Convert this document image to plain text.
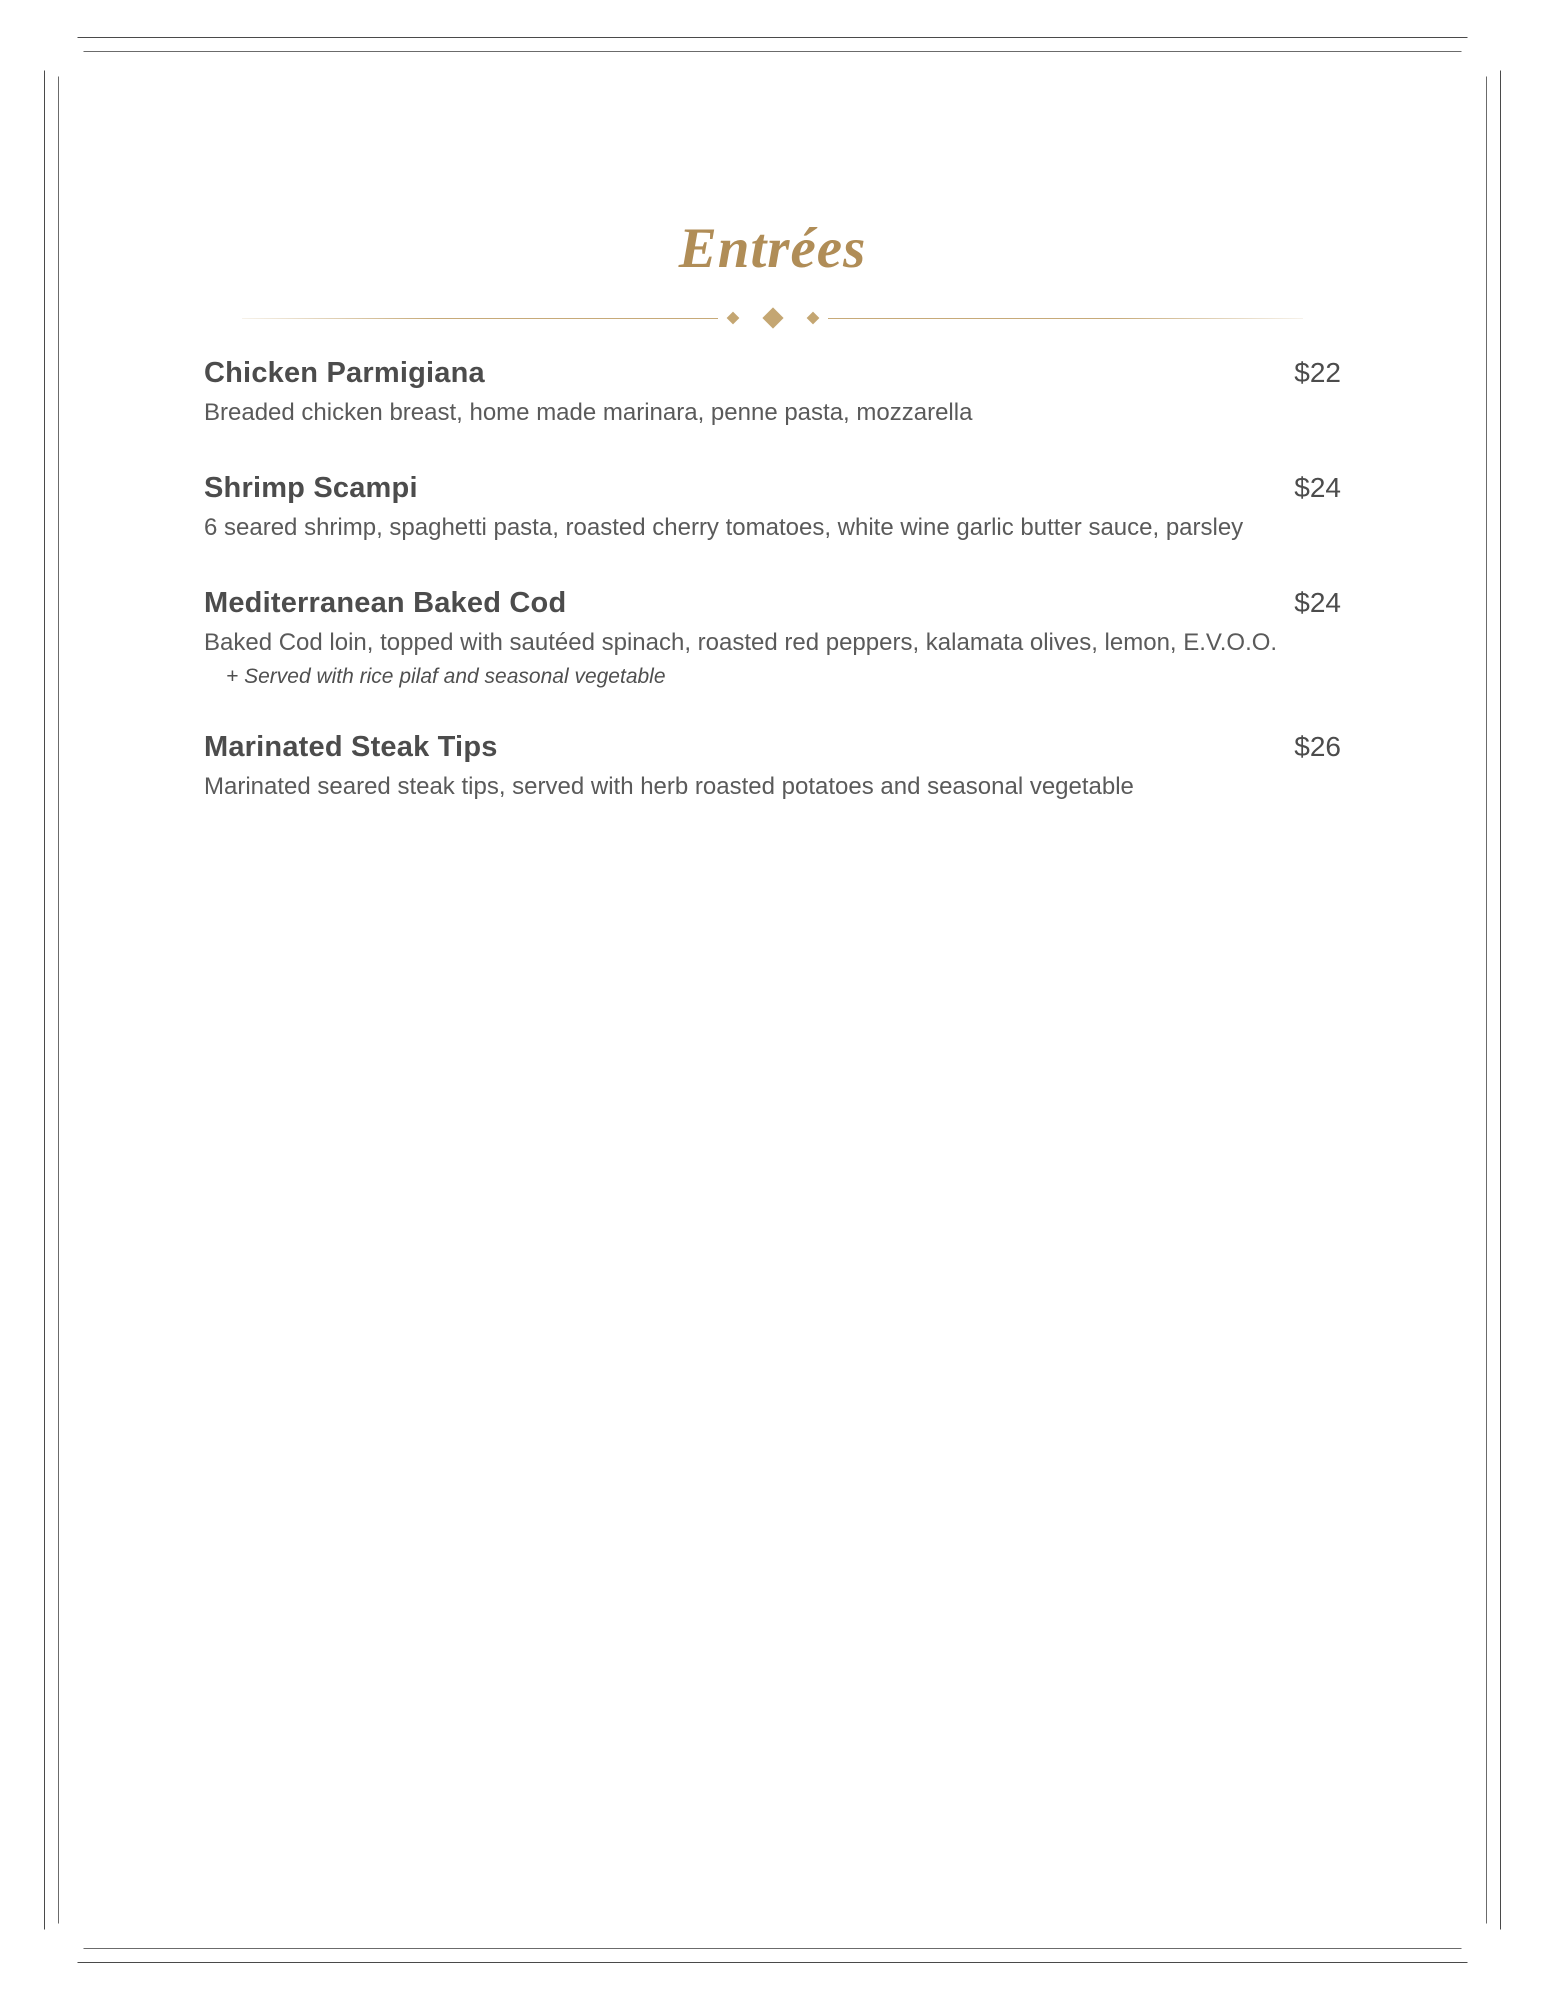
Entrées
Chicken Parmigiana . . .	$22
Breaded chicken breast, home made marinara, penne pasta, mozzarella
Shrimp Scampi . . .	$24
6 seared shrimp, spaghetti pasta, roasted cherry tomatoes, white wine garlic butter sauce, parsley
Mediterranean Baked Cod . . .	$24
Baked Cod loin, topped with sautéed spinach, roasted red peppers, kalamata olives, lemon, E.V.O.O.
+ Served with rice pilaf and seasonal vegetable
Marinated Steak Tips . . .	$26
Marinated seared steak tips, served with herb roasted potatoes and seasonal vegetable
